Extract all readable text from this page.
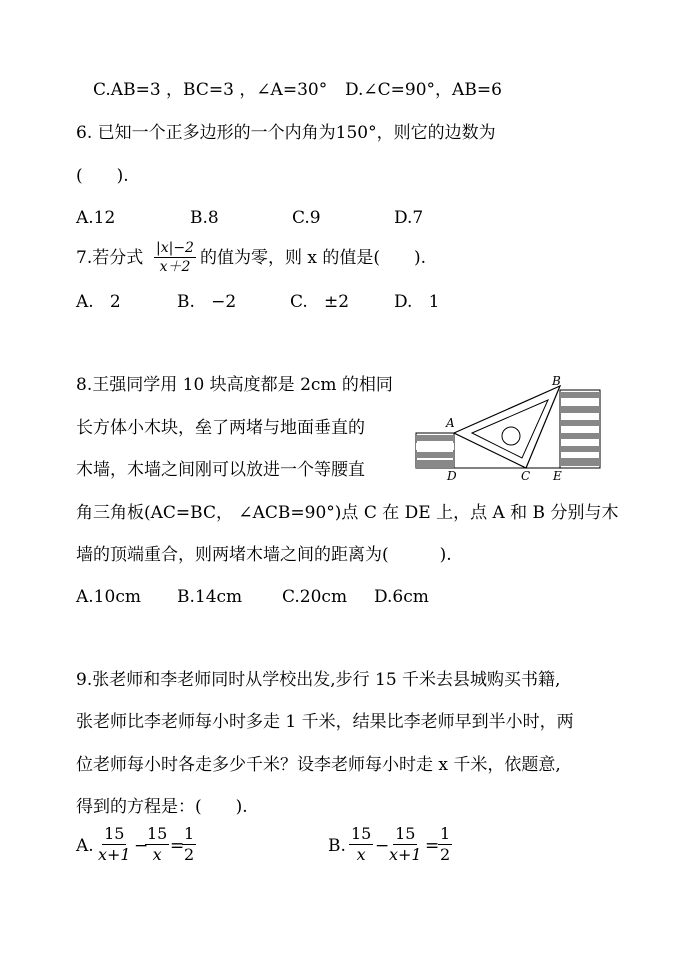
C.AB=3 ，BC=3 ，∠A=30° D.∠C=90°，AB=6
6. 已知一个正多边形的一个内角为150°，则它的边数为
(　　).
A.12	B.8	C.9	D.7
7.若分式 $\frac{|x|-2}{x+2}$ 的值为零，则 x 的值是(　　).
A.   2	B.   −2	C.   ±2	D.   1
8.王强同学用 10 块高度都是 2cm 的相同
长方体小木块，垒了两堵与地面垂直的
木墙，木墙之间刚可以放进一个等腰直
角三角板(AC=BC， ∠ACB=90°)点 C 在 DE 上，点 A 和 B 分别与木
墙的顶端重合，则两堵木墙之间的距离为(　　　).
A.10cm B.14cm C.20cm D.6cm
A
B
C
D	E
9.张老师和李老师同时从学校出发,步行 15 千米去县城购买书籍,
张老师比李老师每小时多走 1 千米，结果比李老师早到半小时，两
位老师每小时各走多少千米？设李老师每小时走 x 千米，依题意,
得到的方程是：(　　).
A. $\frac{15}{x+1}$ −
$\frac{15}{x}$ =
$\frac{1}{2}$	B. $\frac{15}{x}$ −
$\frac{15}{x+1}$ =
$\frac{1}{2}$
